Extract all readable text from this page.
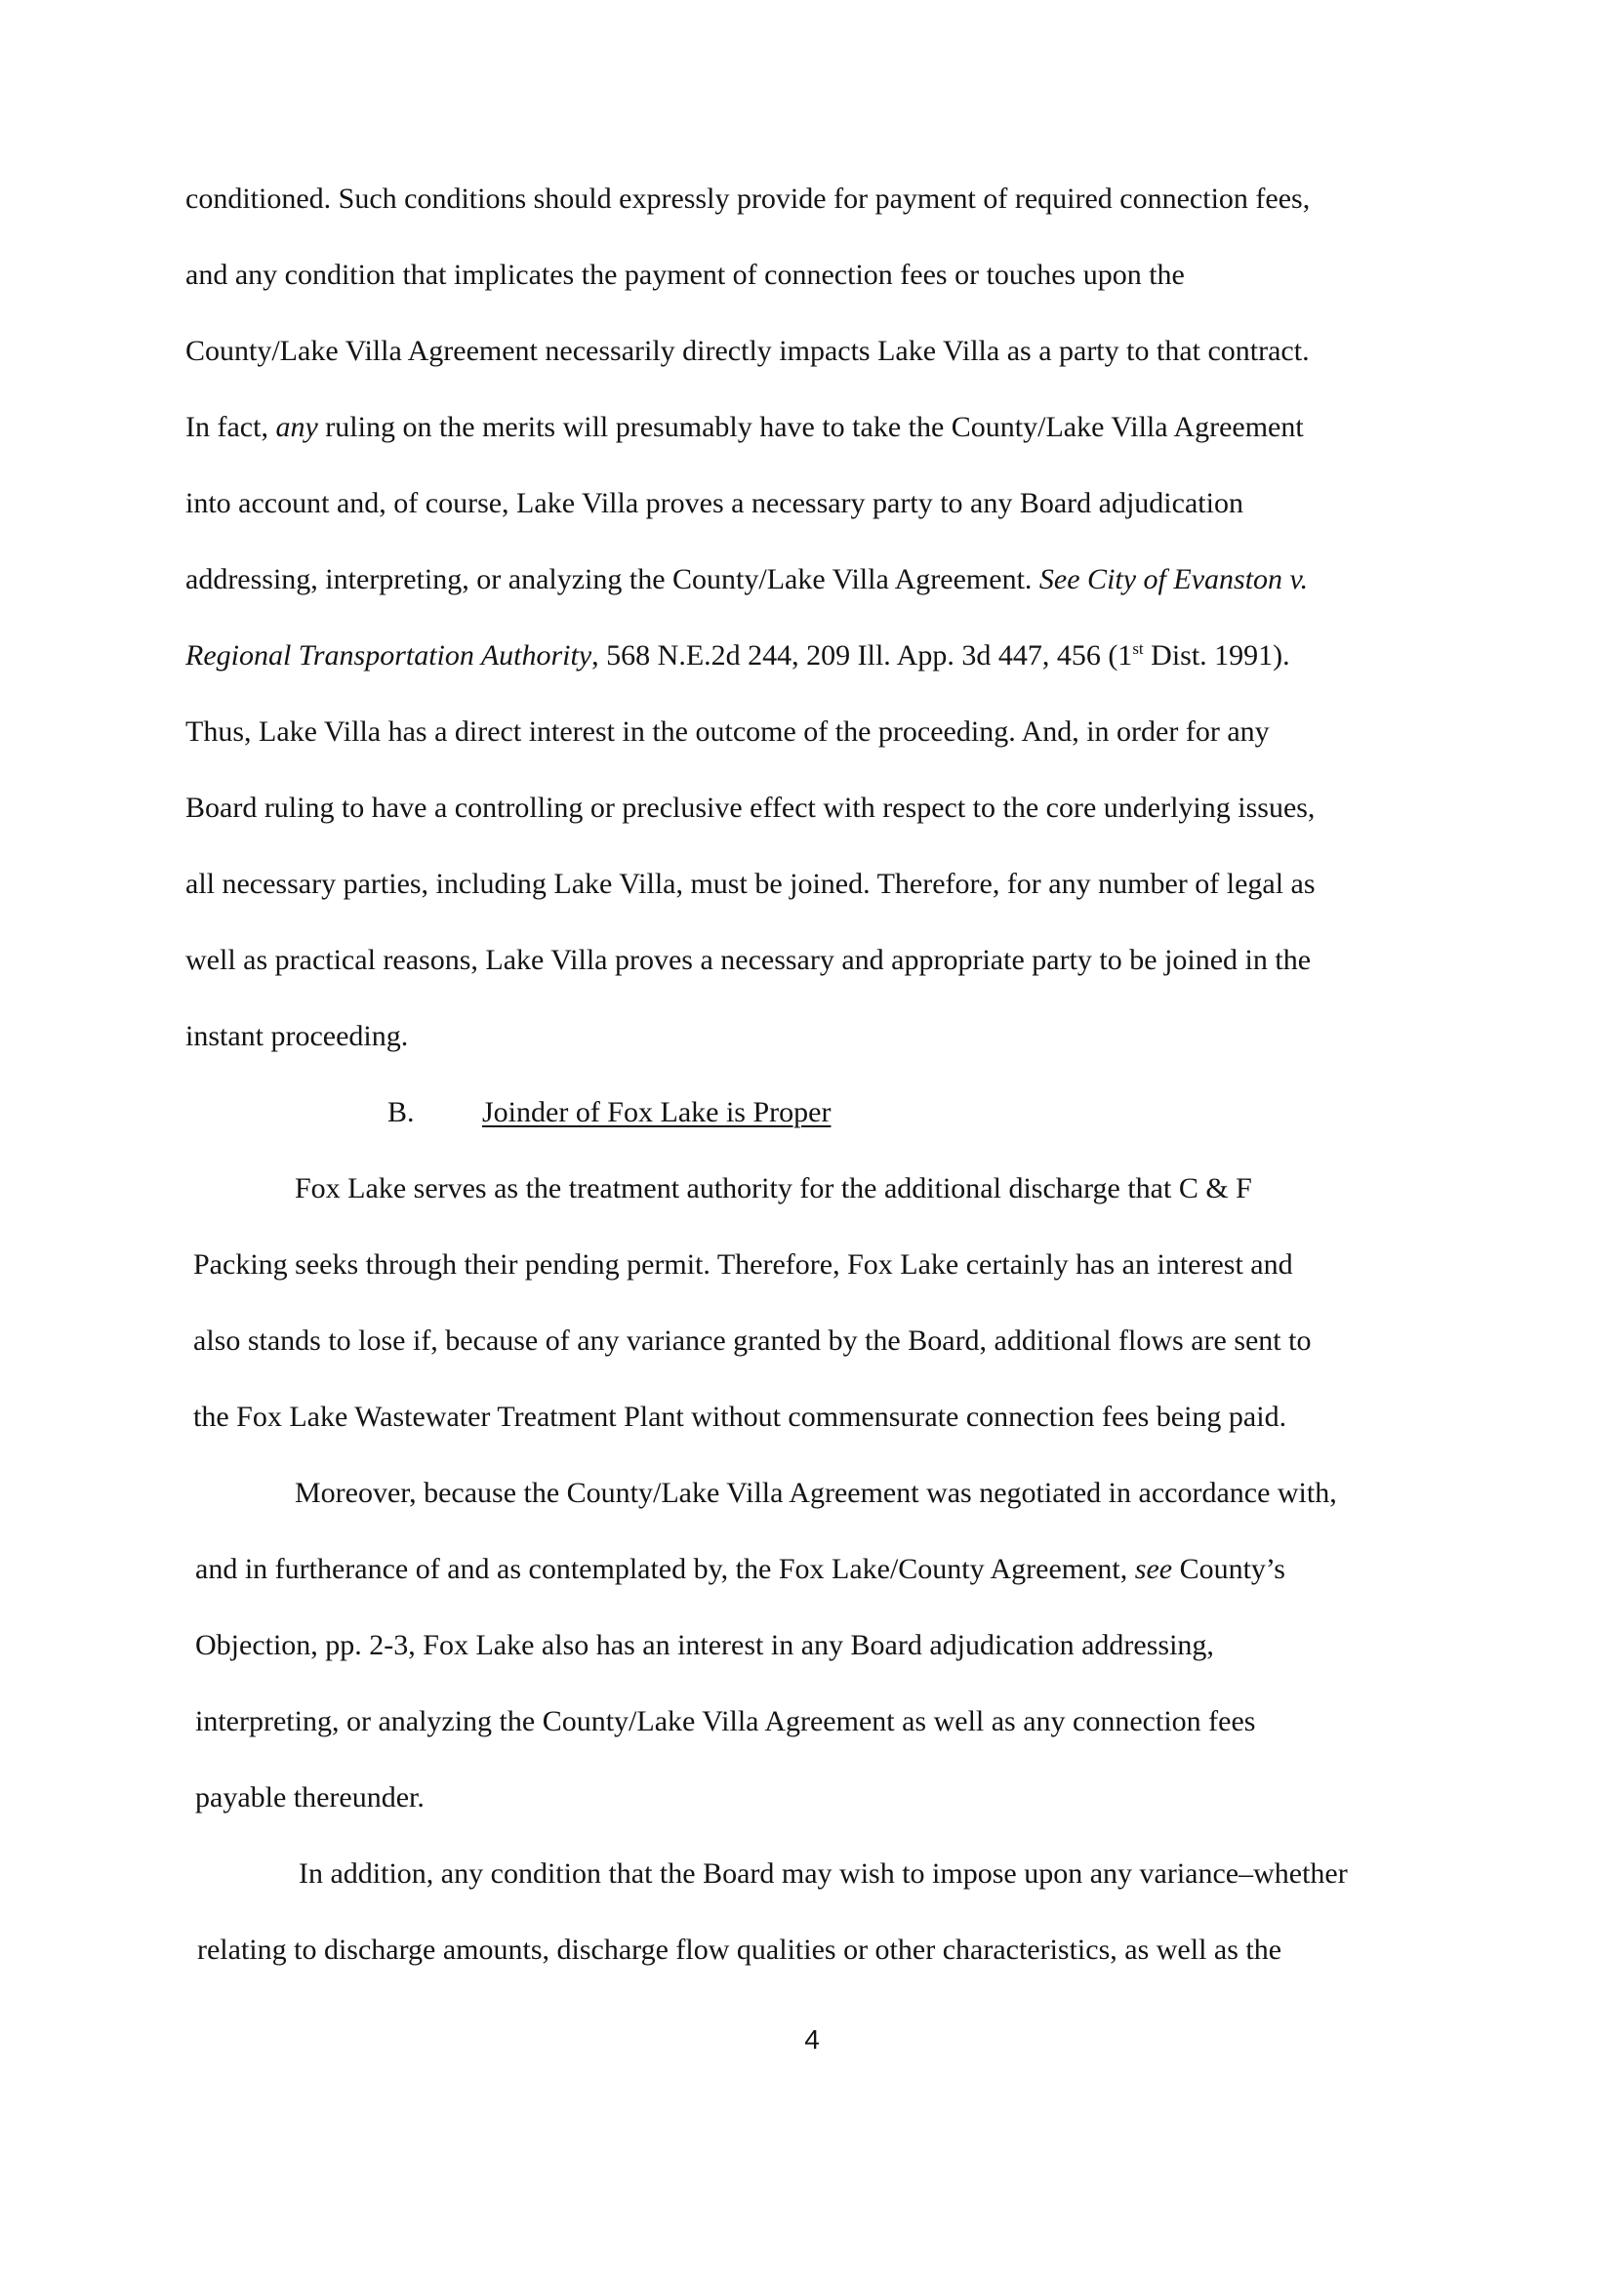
conditioned. Such conditions should expressly provide for payment of required connection fees,
and any condition that implicates the payment of connection fees or touches upon the
County/Lake Villa Agreement necessarily directly impacts Lake Villa as a party to that contract.
In fact, any ruling on the merits will presumably have to take the County/Lake Villa Agreement
into account and, of course, Lake Villa proves a necessary party to any Board adjudication
addressing, interpreting, or analyzing the County/Lake Villa Agreement. See City of Evanston v.
Regional Transportation Authority, 568 N.E.2d 244, 209 Ill. App. 3d 447, 456 (1st Dist. 1991).
Thus, Lake Villa has a direct interest in the outcome of the proceeding. And, in order for any
Board ruling to have a controlling or preclusive effect with respect to the core underlying issues,
all necessary parties, including Lake Villa, must be joined. Therefore, for any number of legal as
well as practical reasons, Lake Villa proves a necessary and appropriate party to be joined in the
instant proceeding.
B. Joinder of Fox Lake is Proper
Fox Lake serves as the treatment authority for the additional discharge that C & F
Packing seeks through their pending permit. Therefore, Fox Lake certainly has an interest and
also stands to lose if, because of any variance granted by the Board, additional flows are sent to
the Fox Lake Wastewater Treatment Plant without commensurate connection fees being paid.
Moreover, because the County/Lake Villa Agreement was negotiated in accordance with,
and in furtherance of and as contemplated by, the Fox Lake/County Agreement, see County’s
Objection, pp. 2-3, Fox Lake also has an interest in any Board adjudication addressing,
interpreting, or analyzing the County/Lake Villa Agreement as well as any connection fees
payable thereunder.
In addition, any condition that the Board may wish to impose upon any variance–whether
relating to discharge amounts, discharge flow qualities or other characteristics, as well as the
4
